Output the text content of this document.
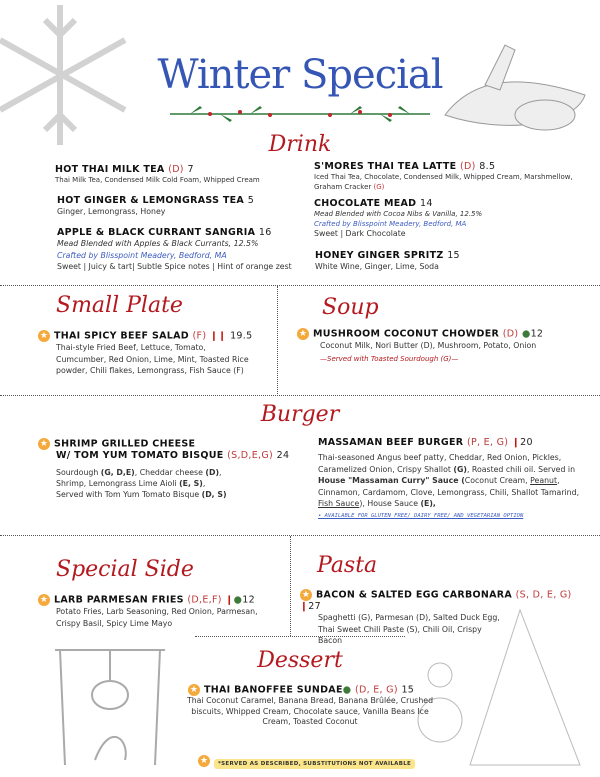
Winter Special
Drink
HOT THAI MILK TEA (D) 7
Thai Milk Tea, Condensed Milk Cold Foam, Whipped Cream
HOT GINGER & LEMONGRASS TEA 5
Ginger, Lemongrass, Honey
APPLE & BLACK CURRANT SANGRIA 16
Mead Blended with Apples & Black Currants, 12.5%
Crafted by Blisspoint Meadery, Bedford, MA
Sweet | Juicy & tart| Subtle Spice notes | Hint of orange zest
S'MORES THAI TEA LATTE (D) 8.5
Iced Thai Tea, Chocolate, Condensed Milk, Whipped Cream, Marshmellow, Graham Cracker (G)
CHOCOLATE MEAD 14
Mead Blended with Cocoa Nibs & Vanilla, 12.5%
Crafted by Blisspoint Meadery, Bedford, MA
Sweet | Dark Chocolate
HONEY GINGER SPRITZ 15
White Wine, Ginger, Lime, Soda
Small Plate	Soup
★ THAI SPICY BEEF SALAD (F) ❙❙ 19.5
Thai-style Fried Beef, Lettuce, Tomato, Cumcumber, Red Onion, Lime, Mint, Toasted Rice powder, Chili flakes, Lemongrass, Fish Sauce (F)
★ MUSHROOM COCONUT CHOWDER (D) ●12
Coconut Milk, Nori Butter (D), Mushroom, Potato, Onion
—Served with Toasted Sourdough (G)—
Burger
★ SHRIMP GRILLED CHEESE
W/ TOM YUM TOMATO BISQUE (S,D,E,G) 24
Sourdough (G, D,E), Cheddar cheese (D),
Shrimp, Lemongrass Lime Aioli (E, S),
Served with Tom Yum Tomato Bisque (D, S)
MASSAMAN BEEF BURGER (P, E, G) ❙20
Thai-seasoned Angus beef patty, Cheddar, Red Onion, Pickles, Caramelized Onion, Crispy Shallot (G), Roasted chili oil. Served in House "Massaman Curry" Sauce (Coconut Cream, Peanut, Cinnamon, Cardamom, Clove, Lemongrass, Chili, Shallot Tamarind, Fish Sauce), House Sauce (E),
• AVAILABLE FOR GLUTEN FREE/ DAIRY FREE/ AND VEGETARIAN OPTION
Special Side	Pasta
★ LARB PARMESAN FRIES (D,E,F) ❙●12
Potato Fries, Larb Seasoning, Red Onion, Parmesan, Crispy Basil, Spicy Lime Mayo
★ BACON & SALTED EGG CARBONARA (S, D, E, G) ❙27
Spaghetti (G), Parmesan (D), Salted Duck Egg, Thai Sweet Chili Paste (S), Chili Oil, Crispy Bacon
Dessert
★ THAI BANOFFEE SUNDAE● (D, E, G) 15
Thai Coconut Caramel, Banana Bread, Banana Brûlée, Crushed biscuits, Whipped Cream, Chocolate sauce, Vanilla Beans Ice Cream, Toasted Coconut
★ *SERVED AS DESCRIBED, SUBSTITUTIONS NOT AVAILABLE
